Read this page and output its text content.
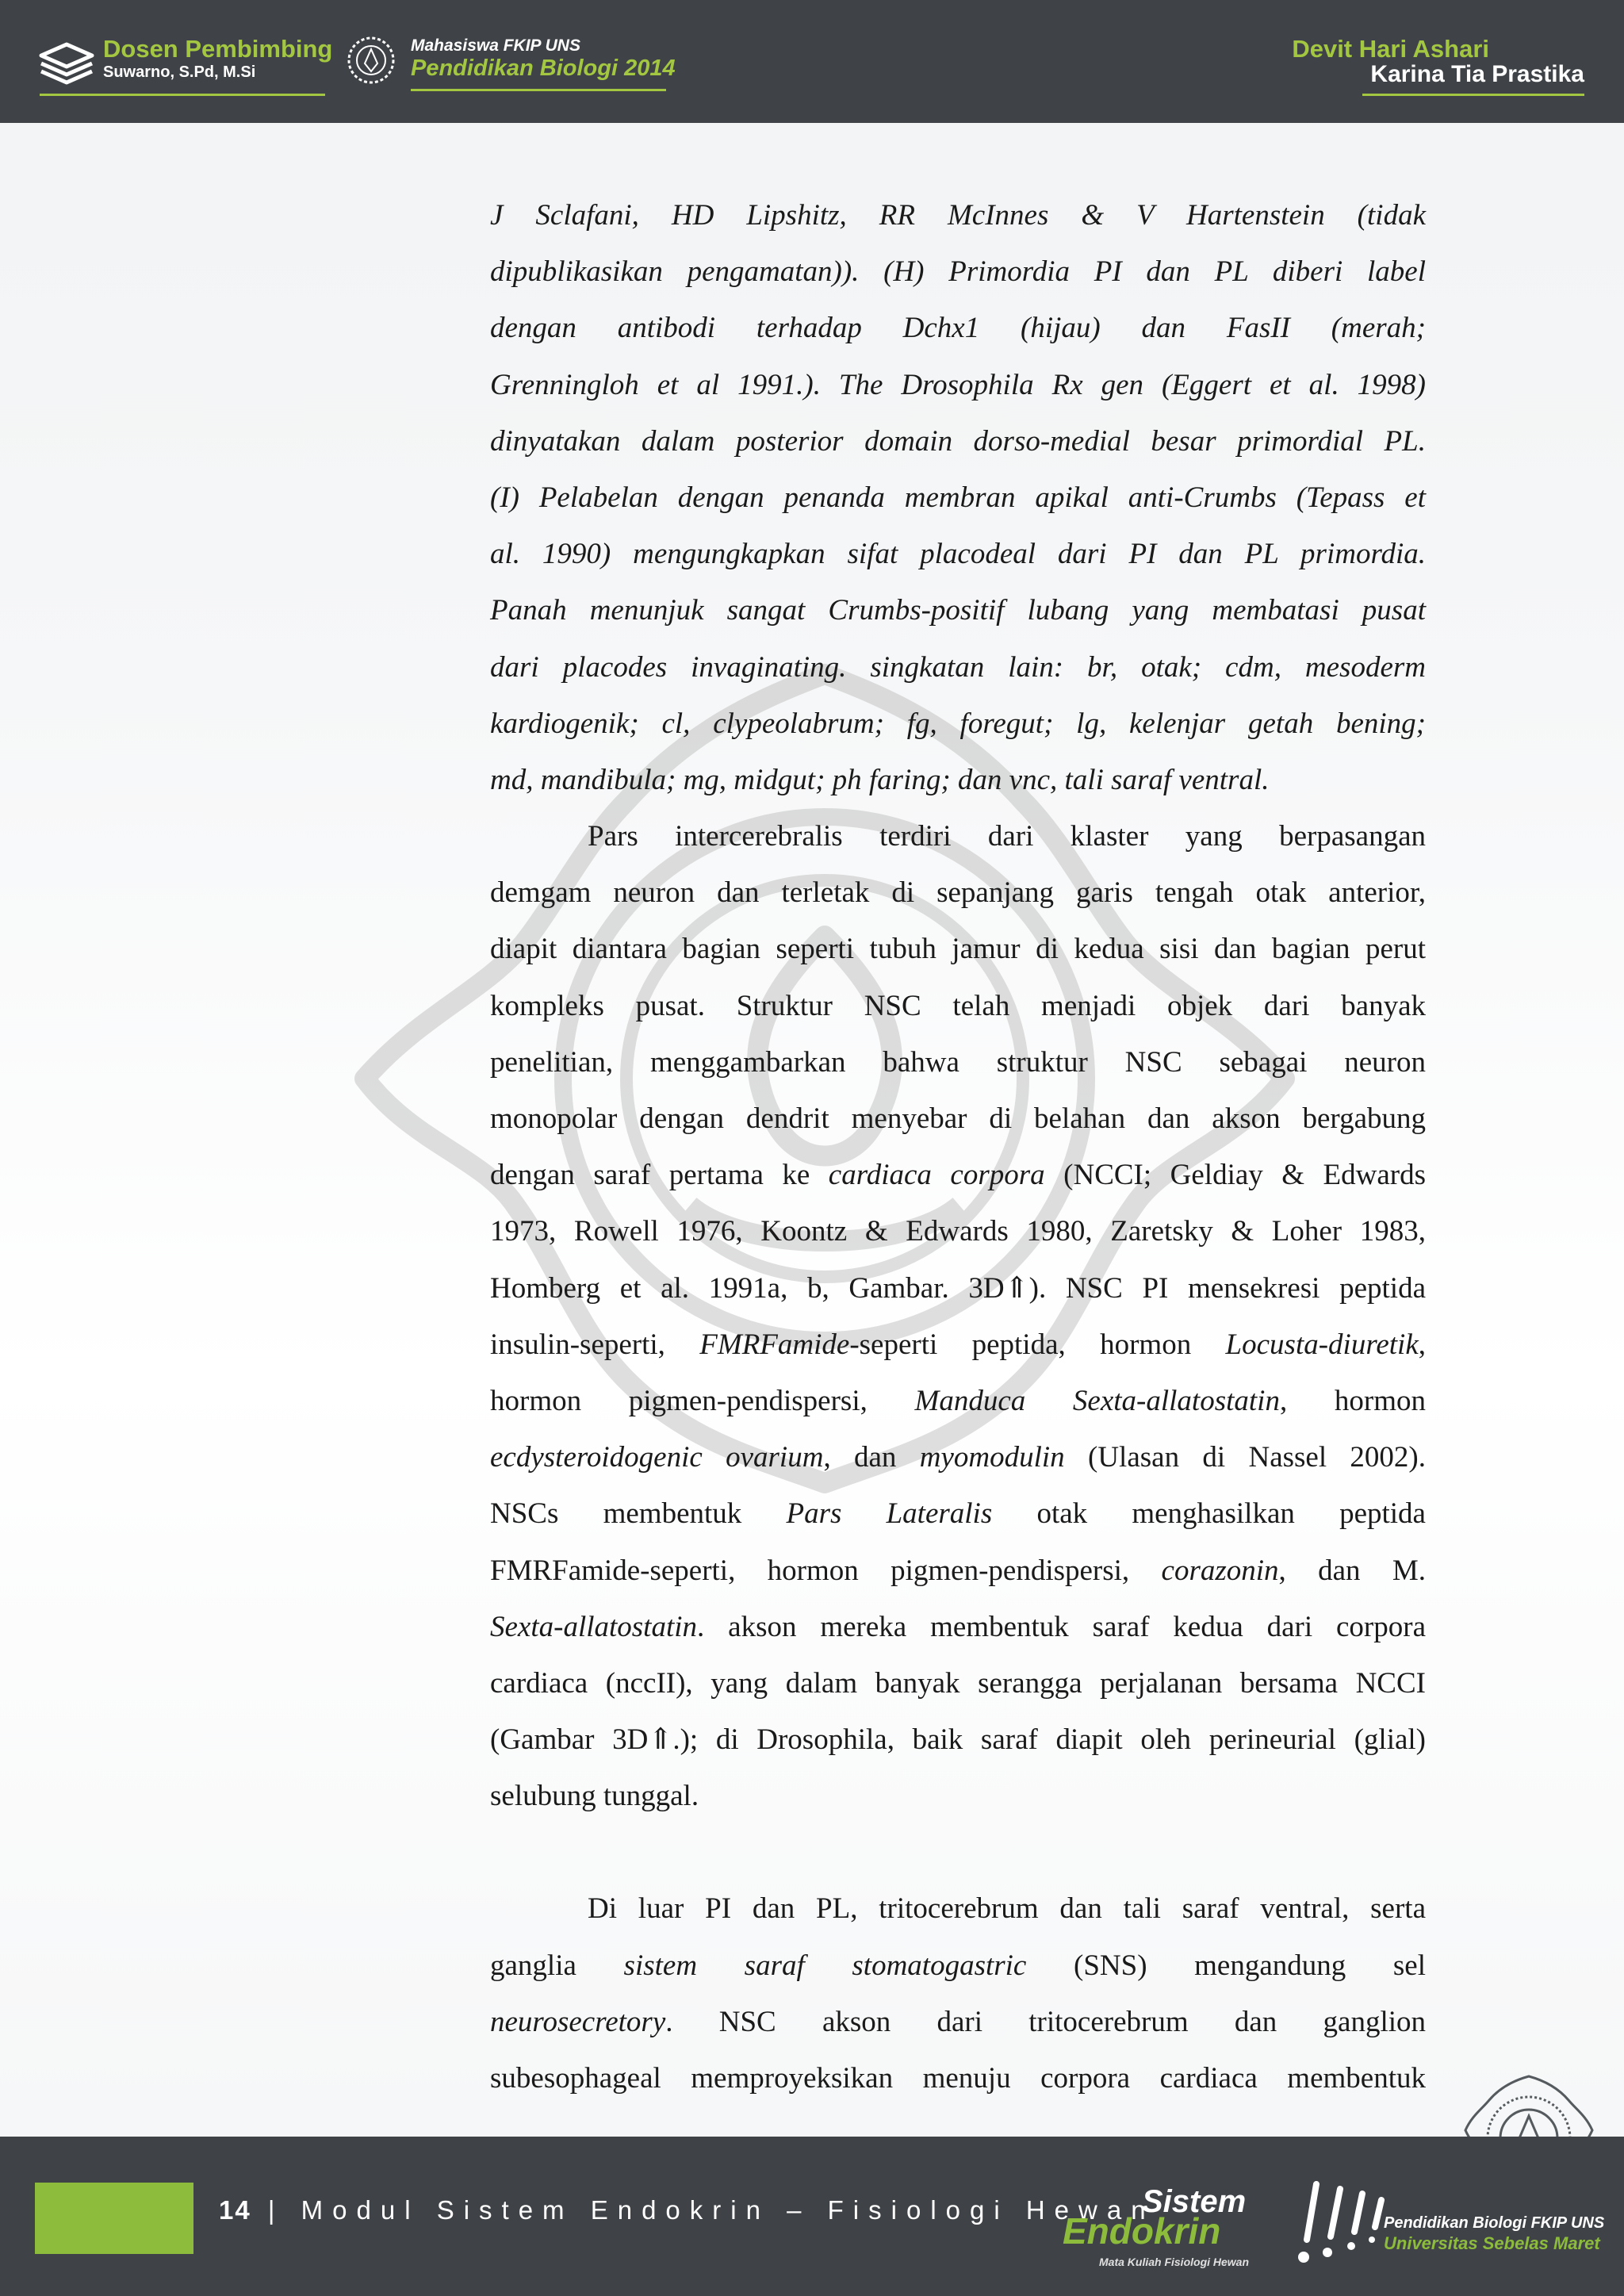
Dosen Pembimbing
Suwarno, S.Pd, M.Si
Mahasiswa FKIP UNS
Pendidikan Biologi 2014
Devit Hari Ashari
Karina Tia Prastika
J Sclafani, HD Lipshitz, RR McInnes & V Hartenstein (tidak
dipublikasikan pengamatan)). (H) Primordia PI dan PL diberi label
dengan antibodi terhadap Dchx1 (hijau) dan FasII (merah;
Grenningloh et al 1991.). The Drosophila Rx gen (Eggert et al. 1998)
dinyatakan dalam posterior domain dorso-medial besar primordial PL.
(I) Pelabelan dengan penanda membran apikal anti-Crumbs (Tepass et
al. 1990) mengungkapkan sifat placodeal dari PI dan PL primordia.
Panah menunjuk sangat Crumbs-positif lubang yang membatasi pusat
dari placodes invaginating. singkatan lain: br, otak; cdm, mesoderm
kardiogenik; cl, clypeolabrum; fg, foregut; lg, kelenjar getah bening;
md, mandibula; mg, midgut; ph faring; dan vnc, tali saraf ventral.
Pars intercerebralis terdiri dari klaster yang berpasangan
demgam neuron dan terletak di sepanjang garis tengah otak anterior,
diapit diantara bagian seperti tubuh jamur di kedua sisi dan bagian perut
kompleks pusat. Struktur NSC telah menjadi objek dari banyak
penelitian, menggambarkan bahwa struktur NSC sebagai neuron
monopolar dengan dendrit menyebar di belahan dan akson bergabung
dengan saraf pertama ke cardiaca corpora (NCCI; Geldiay & Edwards
1973, Rowell 1976, Koontz & Edwards 1980, Zaretsky & Loher 1983,
Homberg et al. 1991a, b, Gambar. 3D⇑). NSC PI mensekresi peptida
insulin-seperti, FMRFamide-seperti peptida, hormon Locusta-diuretik,
hormon pigmen-pendispersi, Manduca Sexta-allatostatin, hormon
ecdysteroidogenic ovarium, dan myomodulin (Ulasan di Nassel 2002).
NSCs membentuk Pars Lateralis otak menghasilkan peptida
FMRFamide-seperti, hormon pigmen-pendispersi, corazonin, dan M.
Sexta-allatostatin. akson mereka membentuk saraf kedua dari corpora
cardiaca (nccII), yang dalam banyak serangga perjalanan bersama NCCI
(Gambar 3D⇑.); di Drosophila, baik saraf diapit oleh perineurial (glial)
selubung tunggal.
Di luar PI dan PL, tritocerebrum dan tali saraf ventral, serta
ganglia sistem saraf stomatogastric (SNS) mengandung sel
neurosecretory. NSC akson dari tritocerebrum dan ganglion
subesophageal memproyeksikan menuju corpora cardiaca membentuk
14 | Modul Sistem Endokrin – Fisiologi Hewan
Sistem
Endokrin
Mata Kuliah Fisiologi Hewan
Pendidikan Biologi FKIP UNS
Universitas Sebelas Maret
